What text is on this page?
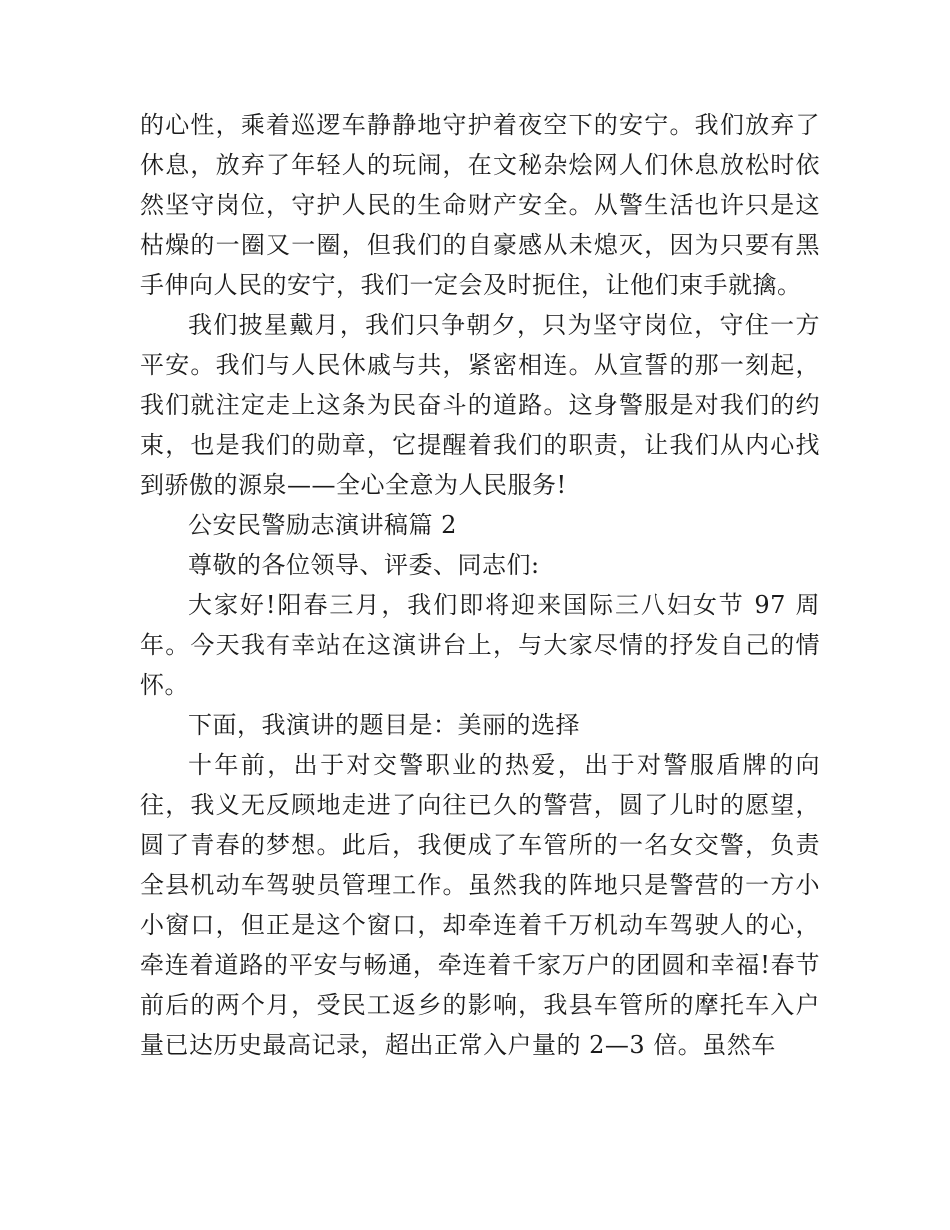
的心性，乘着巡逻车静静地守护着夜空下的安宁。我们放弃了休息，放弃了年轻人的玩闹，在文秘杂烩网人们休息放松时依然坚守岗位，守护人民的生命财产安全。从警生活也许只是这枯燥的一圈又一圈，但我们的自豪感从未熄灭，因为只要有黑手伸向人民的安宁，我们一定会及时扼住，让他们束手就擒。

我们披星戴月，我们只争朝夕，只为坚守岗位，守住一方平安。我们与人民休戚与共，紧密相连。从宣誓的那一刻起，我们就注定走上这条为民奋斗的道路。这身警服是对我们的约束，也是我们的勋章，它提醒着我们的职责，让我们从内心找到骄傲的源泉——全心全意为人民服务!

公安民警励志演讲稿篇 2

尊敬的各位领导、评委、同志们:

大家好!阳春三月，我们即将迎来国际三八妇女节 97 周年。今天我有幸站在这演讲台上，与大家尽情的抒发自己的情怀。

下面，我演讲的题目是：美丽的选择

十年前，出于对交警职业的热爱，出于对警服盾牌的向往，我义无反顾地走进了向往已久的警营，圆了儿时的愿望，圆了青春的梦想。此后，我便成了车管所的一名女交警，负责全县机动车驾驶员管理工作。虽然我的阵地只是警营的一方小小窗口，但正是这个窗口，却牵连着千万机动车驾驶人的心，牵连着道路的平安与畅通，牵连着千家万户的团圆和幸福!春节前后的两个月，受民工返乡的影响，我县车管所的摩托车入户量已达历史最高记录，超出正常入户量的 2—3 倍。虽然车
